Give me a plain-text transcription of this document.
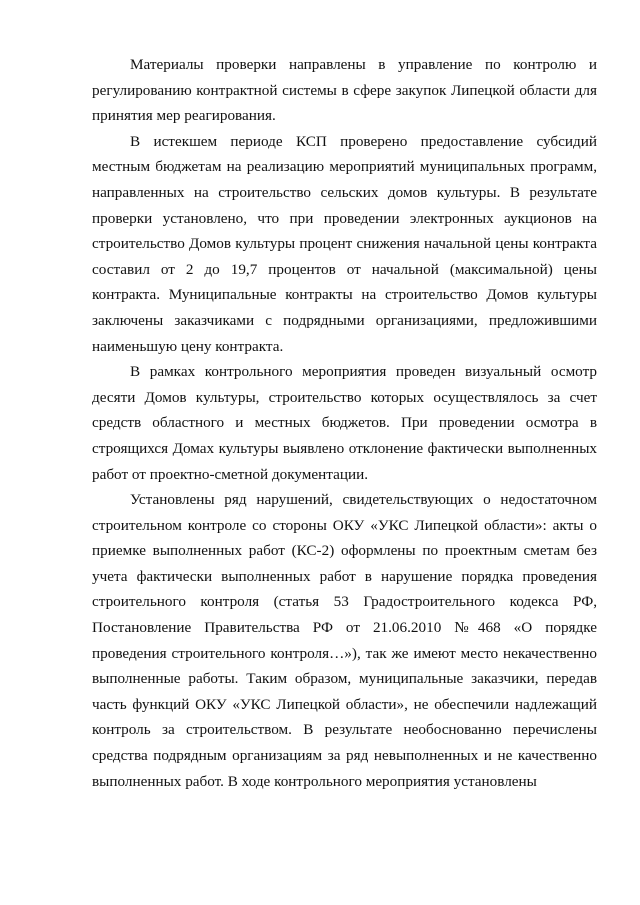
Материалы проверки направлены в управление по контролю и регулированию контрактной системы в сфере закупок Липецкой области для принятия мер реагирования.

В истекшем периоде КСП проверено предоставление субсидий местным бюджетам на реализацию мероприятий муниципальных программ, направленных на строительство сельских домов культуры. В результате проверки установлено, что при проведении электронных аукционов на строительство Домов культуры процент снижения начальной цены контракта составил от 2 до 19,7 процентов от начальной (максимальной) цены контракта. Муниципальные контракты на строительство Домов культуры заключены заказчиками с подрядными организациями, предложившими наименьшую цену контракта.

В рамках контрольного мероприятия проведен визуальный осмотр десяти Домов культуры, строительство которых осуществлялось за счет средств областного и местных бюджетов. При проведении осмотра в строящихся Домах культуры выявлено отклонение фактически выполненных работ от проектно-сметной документации.

Установлены ряд нарушений, свидетельствующих о недостаточном строительном контроле со стороны ОКУ «УКС Липецкой области»: акты о приемке выполненных работ (КС-2) оформлены по проектным сметам без учета фактически выполненных работ в нарушение порядка проведения строительного контроля (статья 53 Градостроительного кодекса РФ, Постановление Правительства РФ от 21.06.2010 №468 «О порядке проведения строительного контроля…»), так же имеют место некачественно выполненные работы. Таким образом, муниципальные заказчики, передав часть функций ОКУ «УКС Липецкой области», не обеспечили надлежащий контроль за строительством. В результате необоснованно перечислены средства подрядным организациям за ряд невыполненных и не качественно выполненных работ. В ходе контрольного мероприятия установлены
